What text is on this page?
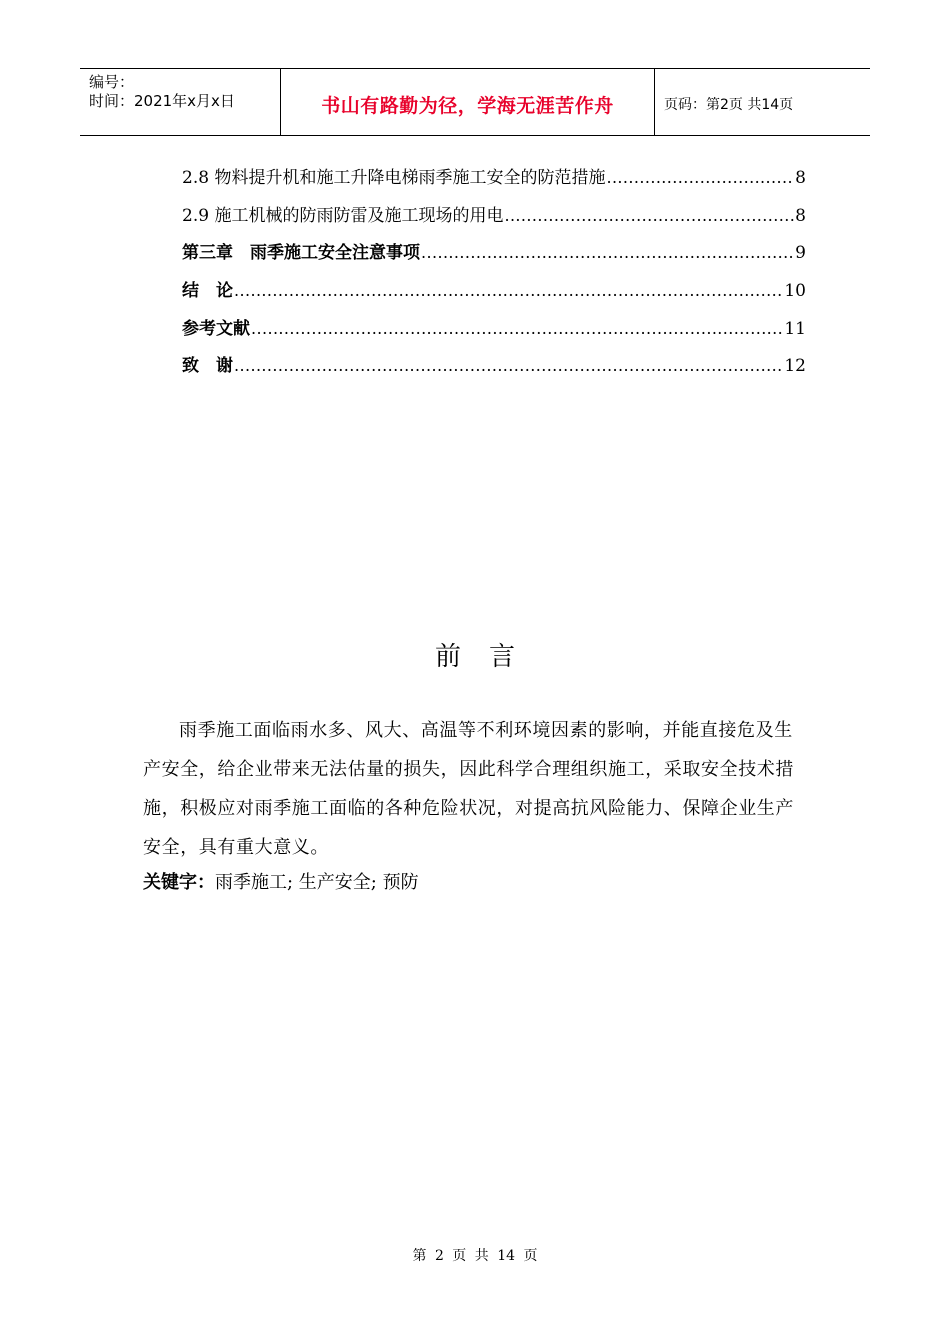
编号：
时间：2021年x月x日	书山有路勤为径，学海无涯苦作舟	页码：第2页 共14页
2.8 物料提升机和施工升降电梯雨季施工安全的防范措施 .....	8
2.9 施工机械的防雨防雷及施工现场的用电 .....	8
第三章　雨季施工安全注意事项 .....	9
结　论 .....	10
参考文献 .....	11
致　谢 .....	12
前言
雨季施工面临雨水多、风大、高温等不利环境因素的影响，并能直接危及生产安全，给企业带来无法估量的损失，因此科学合理组织施工，采取安全技术措施，积极应对雨季施工面临的各种危险状况，对提高抗风险能力、保障企业生产安全，具有重大意义。
关键字：雨季施工; 生产安全; 预防
第 2 页 共 14 页
